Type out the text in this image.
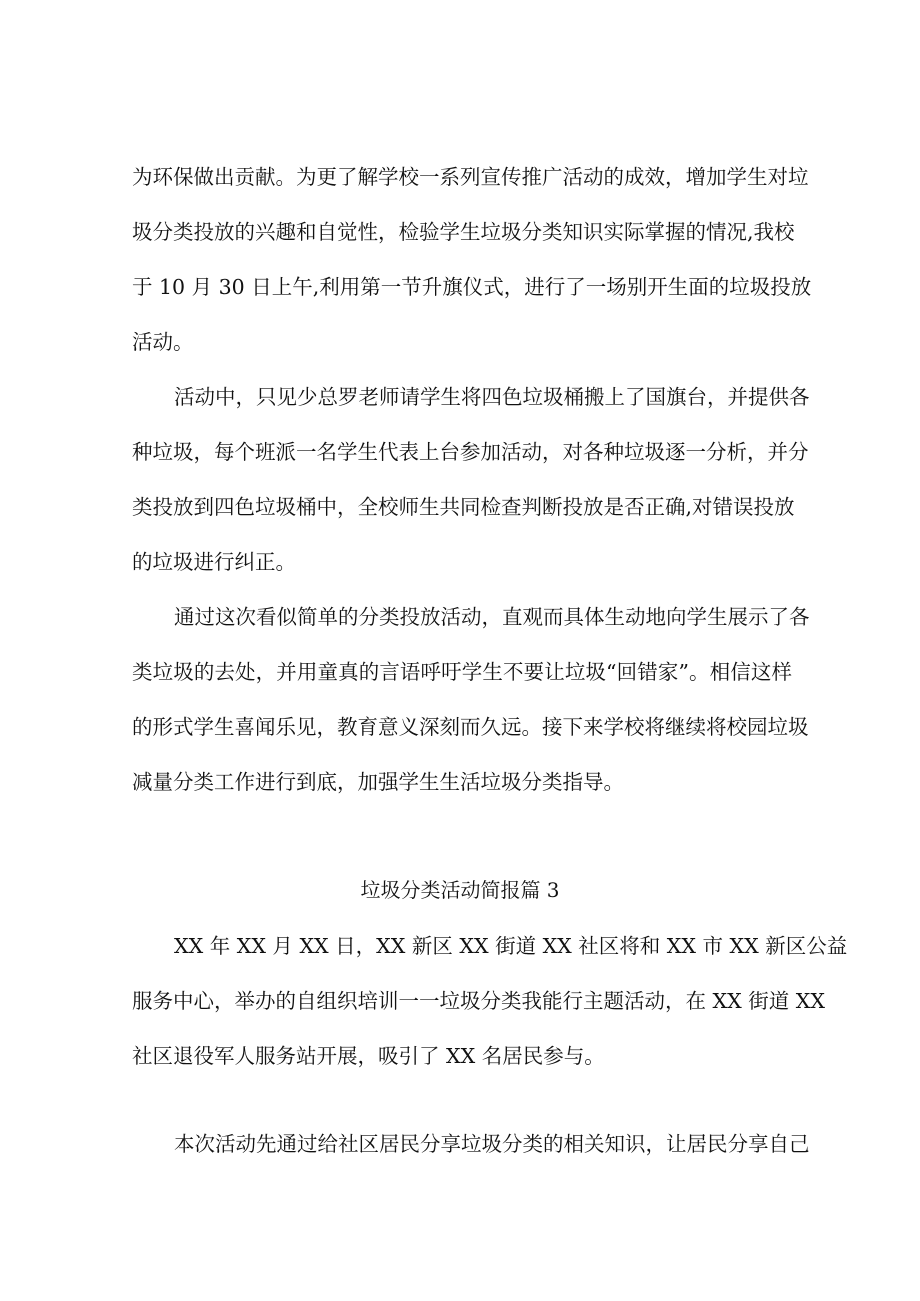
为环保做出贡献。为更了解学校一系列宣传推广活动的成效，增加学生对垃
圾分类投放的兴趣和自觉性，检验学生垃圾分类知识实际掌握的情况,我校
于 10 月 30 日上午,利用第一节升旗仪式，进行了一场别开生面的垃圾投放
活动。
活动中，只见少总罗老师请学生将四色垃圾桶搬上了国旗台，并提供各
种垃圾，每个班派一名学生代表上台参加活动，对各种垃圾逐一分析，并分
类投放到四色垃圾桶中，全校师生共同检查判断投放是否正确,对错误投放
的垃圾进行纠正。
通过这次看似简单的分类投放活动，直观而具体生动地向学生展示了各
类垃圾的去处，并用童真的言语呼吁学生不要让垃圾“回错家”。相信这样
的形式学生喜闻乐见，教育意义深刻而久远。接下来学校将继续将校园垃圾
减量分类工作进行到底，加强学生生活垃圾分类指导。
垃圾分类活动简报篇 3
XX 年 XX 月 XX 日，XX 新区 XX 街道 XX 社区将和 XX 市 XX 新区公益
服务中心，举办的自组织培训一一垃圾分类我能行主题活动，在 XX 街道 XX
社区退役军人服务站开展，吸引了 XX 名居民参与。
本次活动先通过给社区居民分享垃圾分类的相关知识，让居民分享自己
